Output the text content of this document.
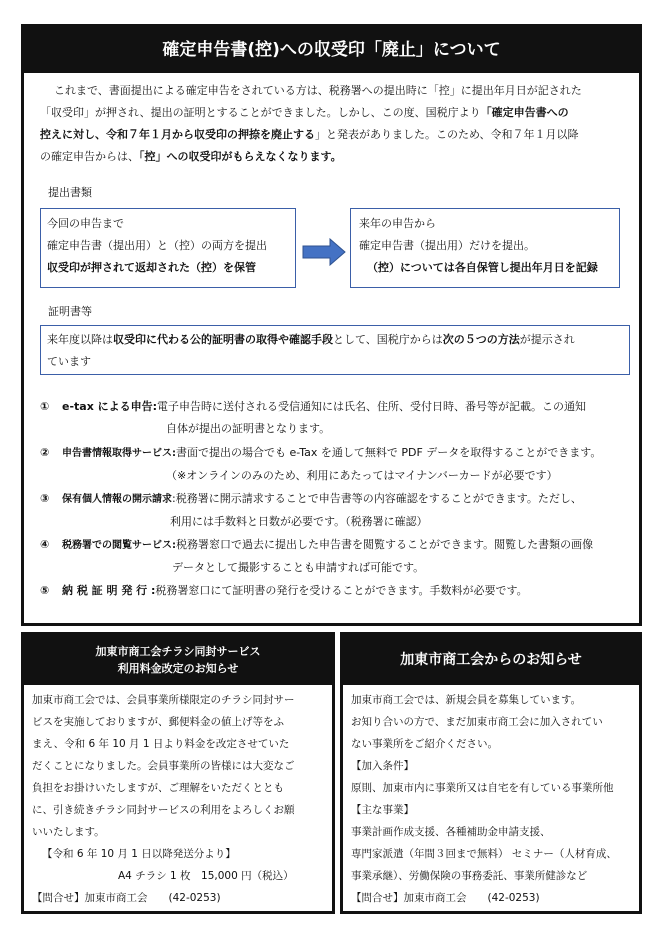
確定申告書(控)への収受印「廃止」について
これまで、書面提出による確定申告をされている方は、税務署への提出時に「控」に提出年月日が記された
「収受印」が押され、提出の証明とすることができました。しかし、この度、国税庁より「確定申告書への
控えに対し、令和７年１月から収受印の押捺を廃止する」と発表がありました。このため、令和７年１月以降
の確定申告からは、「控」への収受印がもらえなくなります。
提出書類
今回の申告まで
確定申告書（提出用）と（控）の両方を提出
収受印が押されて返却された（控）を保管
来年の申告から
確定申告書（提出用）だけを提出。
（控）については各自保管し提出年月日を記録
証明書等
来年度以降は収受印に代わる公的証明書の取得や確認手段として、国税庁からは次の５つの方法が提示され
ています
① e-tax による申告:電子申告時に送付される受信通知には氏名、住所、受付日時、番号等が記載。この通知
自体が提出の証明書となります。
② 申告書情報取得サービス:書面で提出の場合でも e-Tax を通して無料で PDF データを取得することができます。
（※オンラインのみのため、利用にあたってはマイナンバーカードが必要です）
③ 保有個人情報の開示請求:税務署に開示請求することで申告書等の内容確認をすることができます。ただし、
利用には手数料と日数が必要です。（税務署に確認）
④ 税務署での閲覧サービス:税務署窓口で過去に提出した申告書を閲覧することができます。閲覧した書類の画像
データとして撮影することも申請すれば可能です。
⑤ 納 税 証 明 発 行 :税務署窓口にて証明書の発行を受けることができます。手数料が必要です。
加東市商工会チラシ同封サービス
利用料金改定のお知らせ
加東市商工会では、会員事業所様限定のチラシ同封サー
ビスを実施しておりますが、郵便料金の値上げ等をふ
まえ、令和 6 年 10 月 1 日より料金を改定させていた
だくことになりました。会員事業所の皆様には大変なご
負担をお掛けいたしますが、ご理解をいただくととも
に、引き続きチラシ同封サービスの利用をよろしくお願
いいたします。
【令和 6 年 10 月 1 日以降発送分より】
A4 チラシ 1 枚　15,000 円（税込）
【問合せ】加東市商工会　　(42-0253)
加東市商工会からのお知らせ
加東市商工会では、新規会員を募集しています。
お知り合いの方で、まだ加東市商工会に加入されてい
ない事業所をご紹介ください。
【加入条件】
原則、加東市内に事業所又は自宅を有している事業所他
【主な事業】
事業計画作成支援、各種補助金申請支援、
専門家派遣（年間３回まで無料） セミナー（人材育成、
事業承継）、労働保険の事務委託、事業所健診など
【問合せ】加東市商工会　　(42-0253)
